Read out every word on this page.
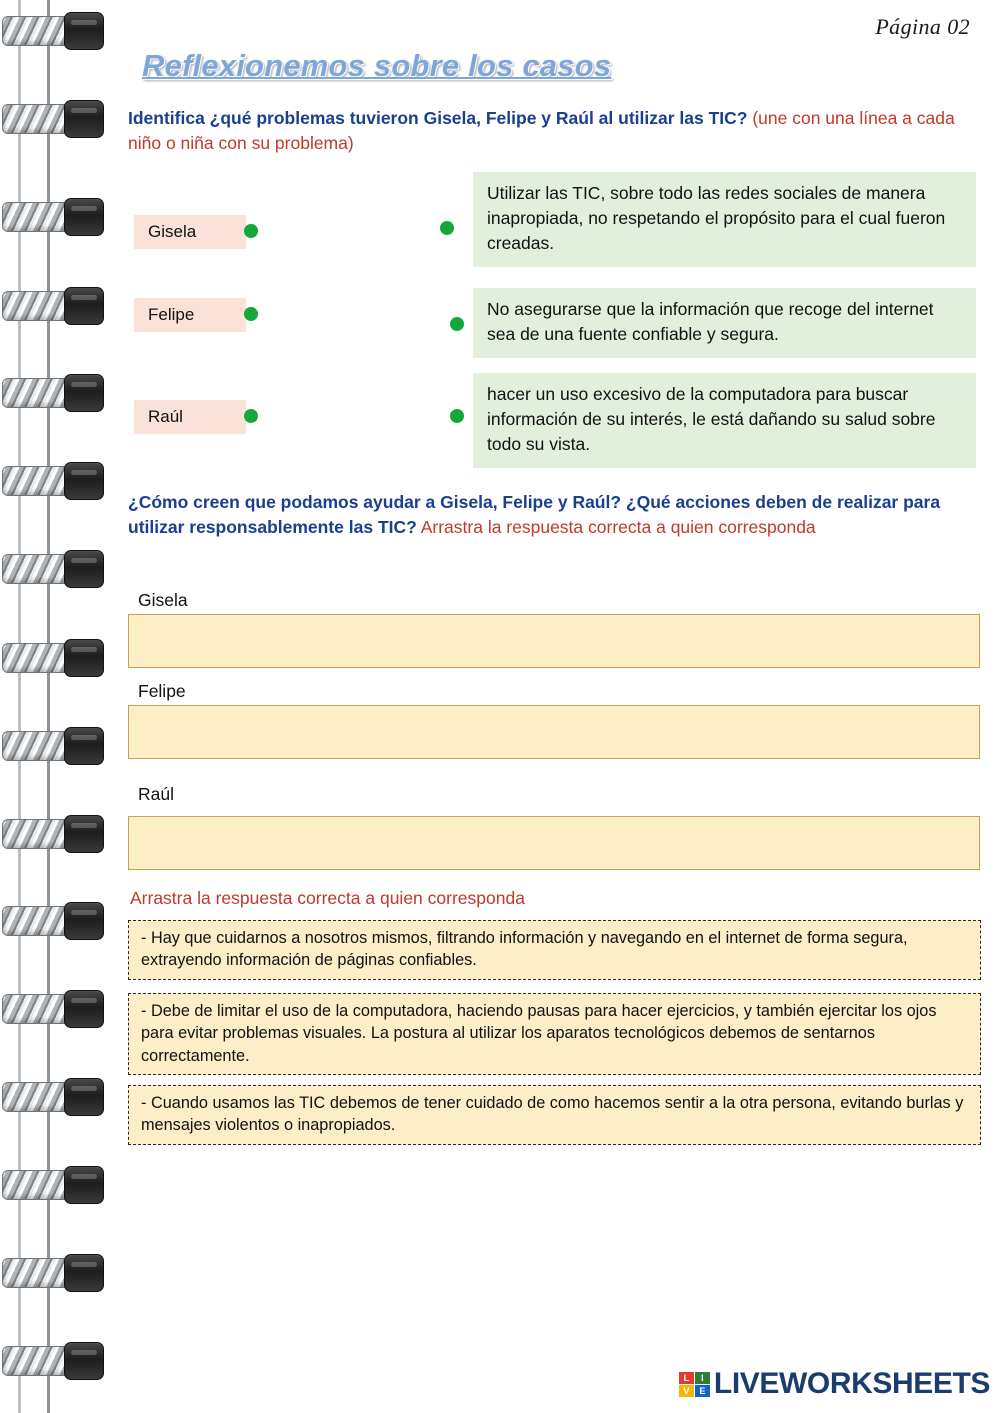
Página 02
Reflexionemos sobre los casos
Identifica ¿qué problemas tuvieron Gisela, Felipe y Raúl al utilizar las TIC? (une con una línea a cada niño o niña con su problema)
Gisela
Felipe
Raúl
Utilizar las TIC, sobre todo las redes sociales de manera inapropiada, no respetando el propósito para el cual fueron creadas.
No asegurarse que la información que recoge del internet sea de una fuente confiable y segura.
hacer un uso excesivo de la computadora para buscar información de su interés, le está dañando su salud sobre todo su vista.
¿Cómo creen que podamos ayudar a Gisela, Felipe y Raúl? ¿Qué acciones deben de realizar para utilizar responsablemente las TIC? Arrastra la respuesta correcta a quien corresponda
Gisela
Felipe
Raúl
Arrastra la respuesta correcta a quien corresponda
- Hay que cuidarnos a nosotros mismos, filtrando información y navegando en el internet de forma segura, extrayendo información de páginas confiables.
- Debe de limitar el uso de la computadora, haciendo pausas para hacer ejercicios, y también ejercitar los ojos para evitar problemas visuales. La postura al utilizar los aparatos tecnológicos debemos de sentarnos correctamente.
- Cuando usamos las TIC debemos de tener cuidado de como hacemos sentir a la otra persona, evitando burlas y mensajes violentos o inapropiados.
L	I
V	E LIVEWORKSHEETS
